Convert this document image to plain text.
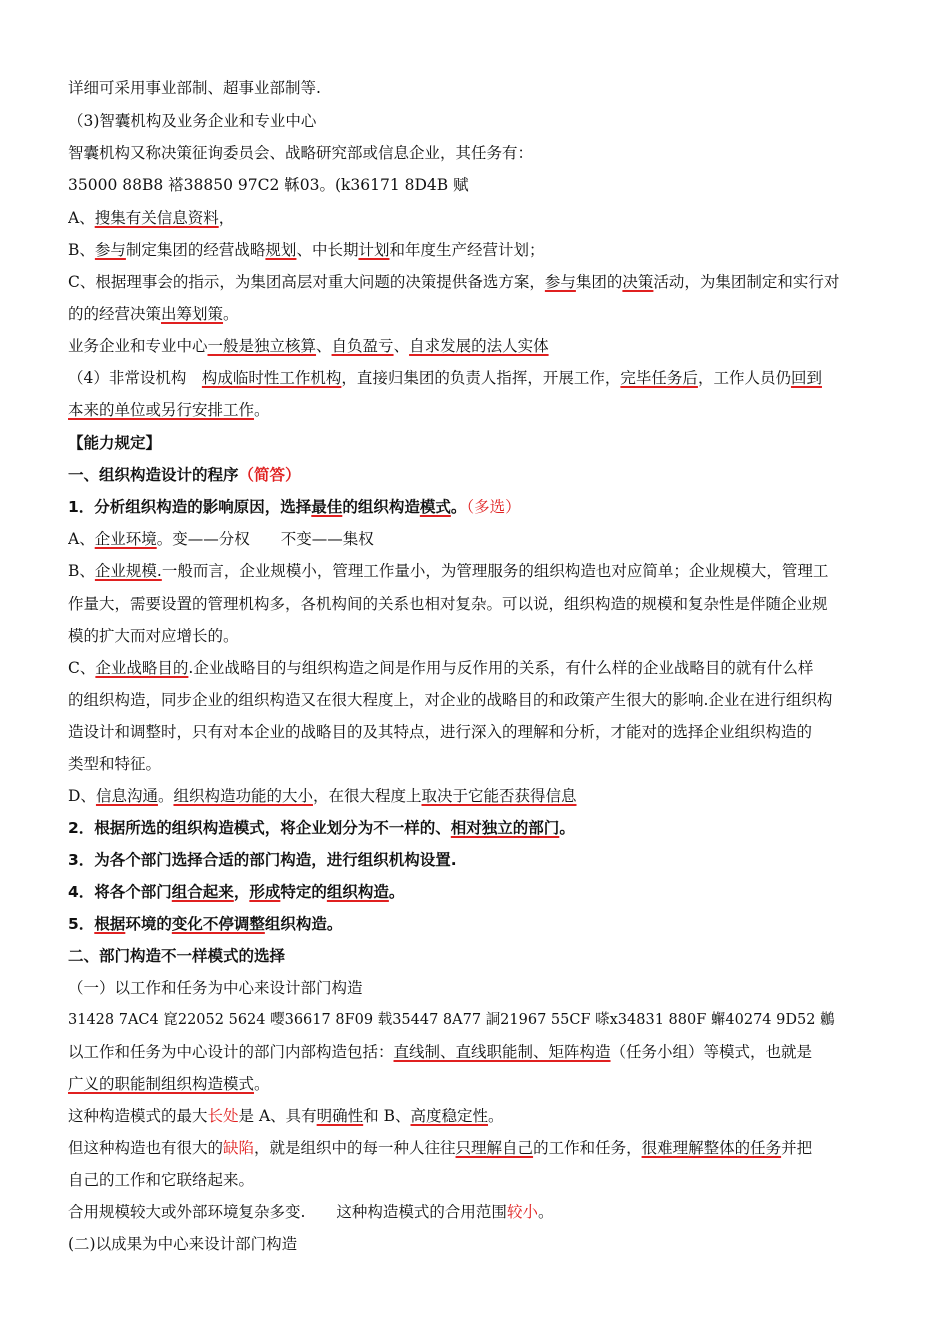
详细可采用事业部制、超事业部制等.
（3)智囊机构及业务企业和专业中心
智囊机构又称决策征询委员会、战略研究部或信息企业，其任务有：
35000 88B8 褡38850 97C2 鞂03。(k36171 8D4B 赋
A、搜集有关信息资料，
B、参与制定集团的经营战略规划、中长期计划和年度生产经营计划；
C、根据理事会的指示，为集团高层对重大问题的决策提供备选方案，参与集团的决策活动，为集团制定和实行对
的的经营决策出筹划策。
业务企业和专业中心一般是独立核算、自负盈亏、自求发展的法人实体
（4）非常设机构　 构成临时性工作机构，直接归集团的负责人指挥，开展工作，完毕任务后，工作人员仍回到
本来的单位或另行安排工作。
【能力规定】
一、组织构造设计的程序（简答）
1．分析组织构造的影响原因，选择最佳的组织构造模式。（多选）
A、企业环境。变——分权　　不变——集权
B、企业规模.一般而言，企业规模小，管理工作量小，为管理服务的组织构造也对应简单；企业规模大，管理工
作量大，需要设置的管理机构多，各机构间的关系也相对复杂。可以说，组织构造的规模和复杂性是伴随企业规
模的扩大而对应增长的。
C、企业战略目的.企业战略目的与组织构造之间是作用与反作用的关系，有什么样的企业战略目的就有什么样
的组织构造，同步企业的组织构造又在很大程度上，对企业的战略目的和政策产生很大的影响.企业在进行组织构
造设计和调整时，只有对本企业的战略目的及其特点，进行深入的理解和分析，才能对的选择企业组织构造的
类型和特征。
D、信息沟通。组织构造功能的大小，在很大程度上取决于它能否获得信息
2．根据所选的组织构造模式，将企业划分为不一样的、相对独立的部门。
3．为各个部门选择合适的部门构造，进行组织机构设置.
4．将各个部门组合起来，形成特定的组织构造。
5．根据环境的变化不停调整组织构造。
二、部门构造不一样模式的选择
（一）以工作和任务为中心来设计部门构造
31428 7AC4 窤22052 5624 嘤36617 8F09 载35447 8A77 詷21967 55CF 嗏x34831 880F 蠏40274 9D52 鶒
以工作和任务为中心设计的部门内部构造包括：直线制、直线职能制、矩阵构造（任务小组）等模式，也就是
广义的职能制组织构造模式。
这种构造模式的最大长处是 A、具有明确性和 B、高度稳定性。
但这种构造也有很大的缺陷，就是组织中的每一种人往往只理解自己的工作和任务，很难理解整体的任务并把
自己的工作和它联络起来。
合用规模较大或外部环境复杂多变.　　这种构造模式的合用范围较小。
(二)以成果为中心来设计部门构造
